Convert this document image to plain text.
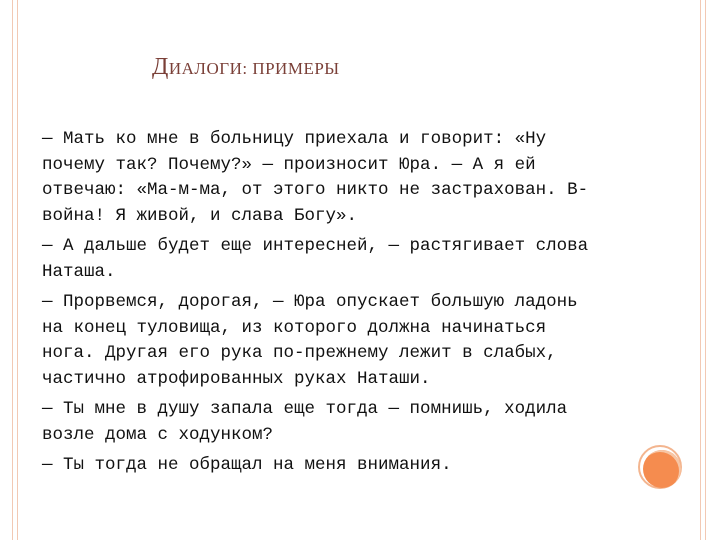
ДИАЛОГИ: ПРИМЕРЫ

— Мать ко мне в больницу приехала и говорит: «Ну почему так? Почему?» — произносит Юра. — А я ей отвечаю: «Ма-м-ма, от этого никто не застрахован. В-война! Я живой, и слава Богу».

— А дальше будет еще интересней, — растягивает слова Наташа.

— Прорвемся, дорогая, — Юра опускает большую ладонь на конец туловища, из которого должна начинаться нога. Другая его рука по-прежнему лежит в слабых, частично атрофированных руках Наташи.

— Ты мне в душу запала еще тогда — помнишь, ходила возле дома с ходунком?

— Ты тогда не обращал на меня внимания.
